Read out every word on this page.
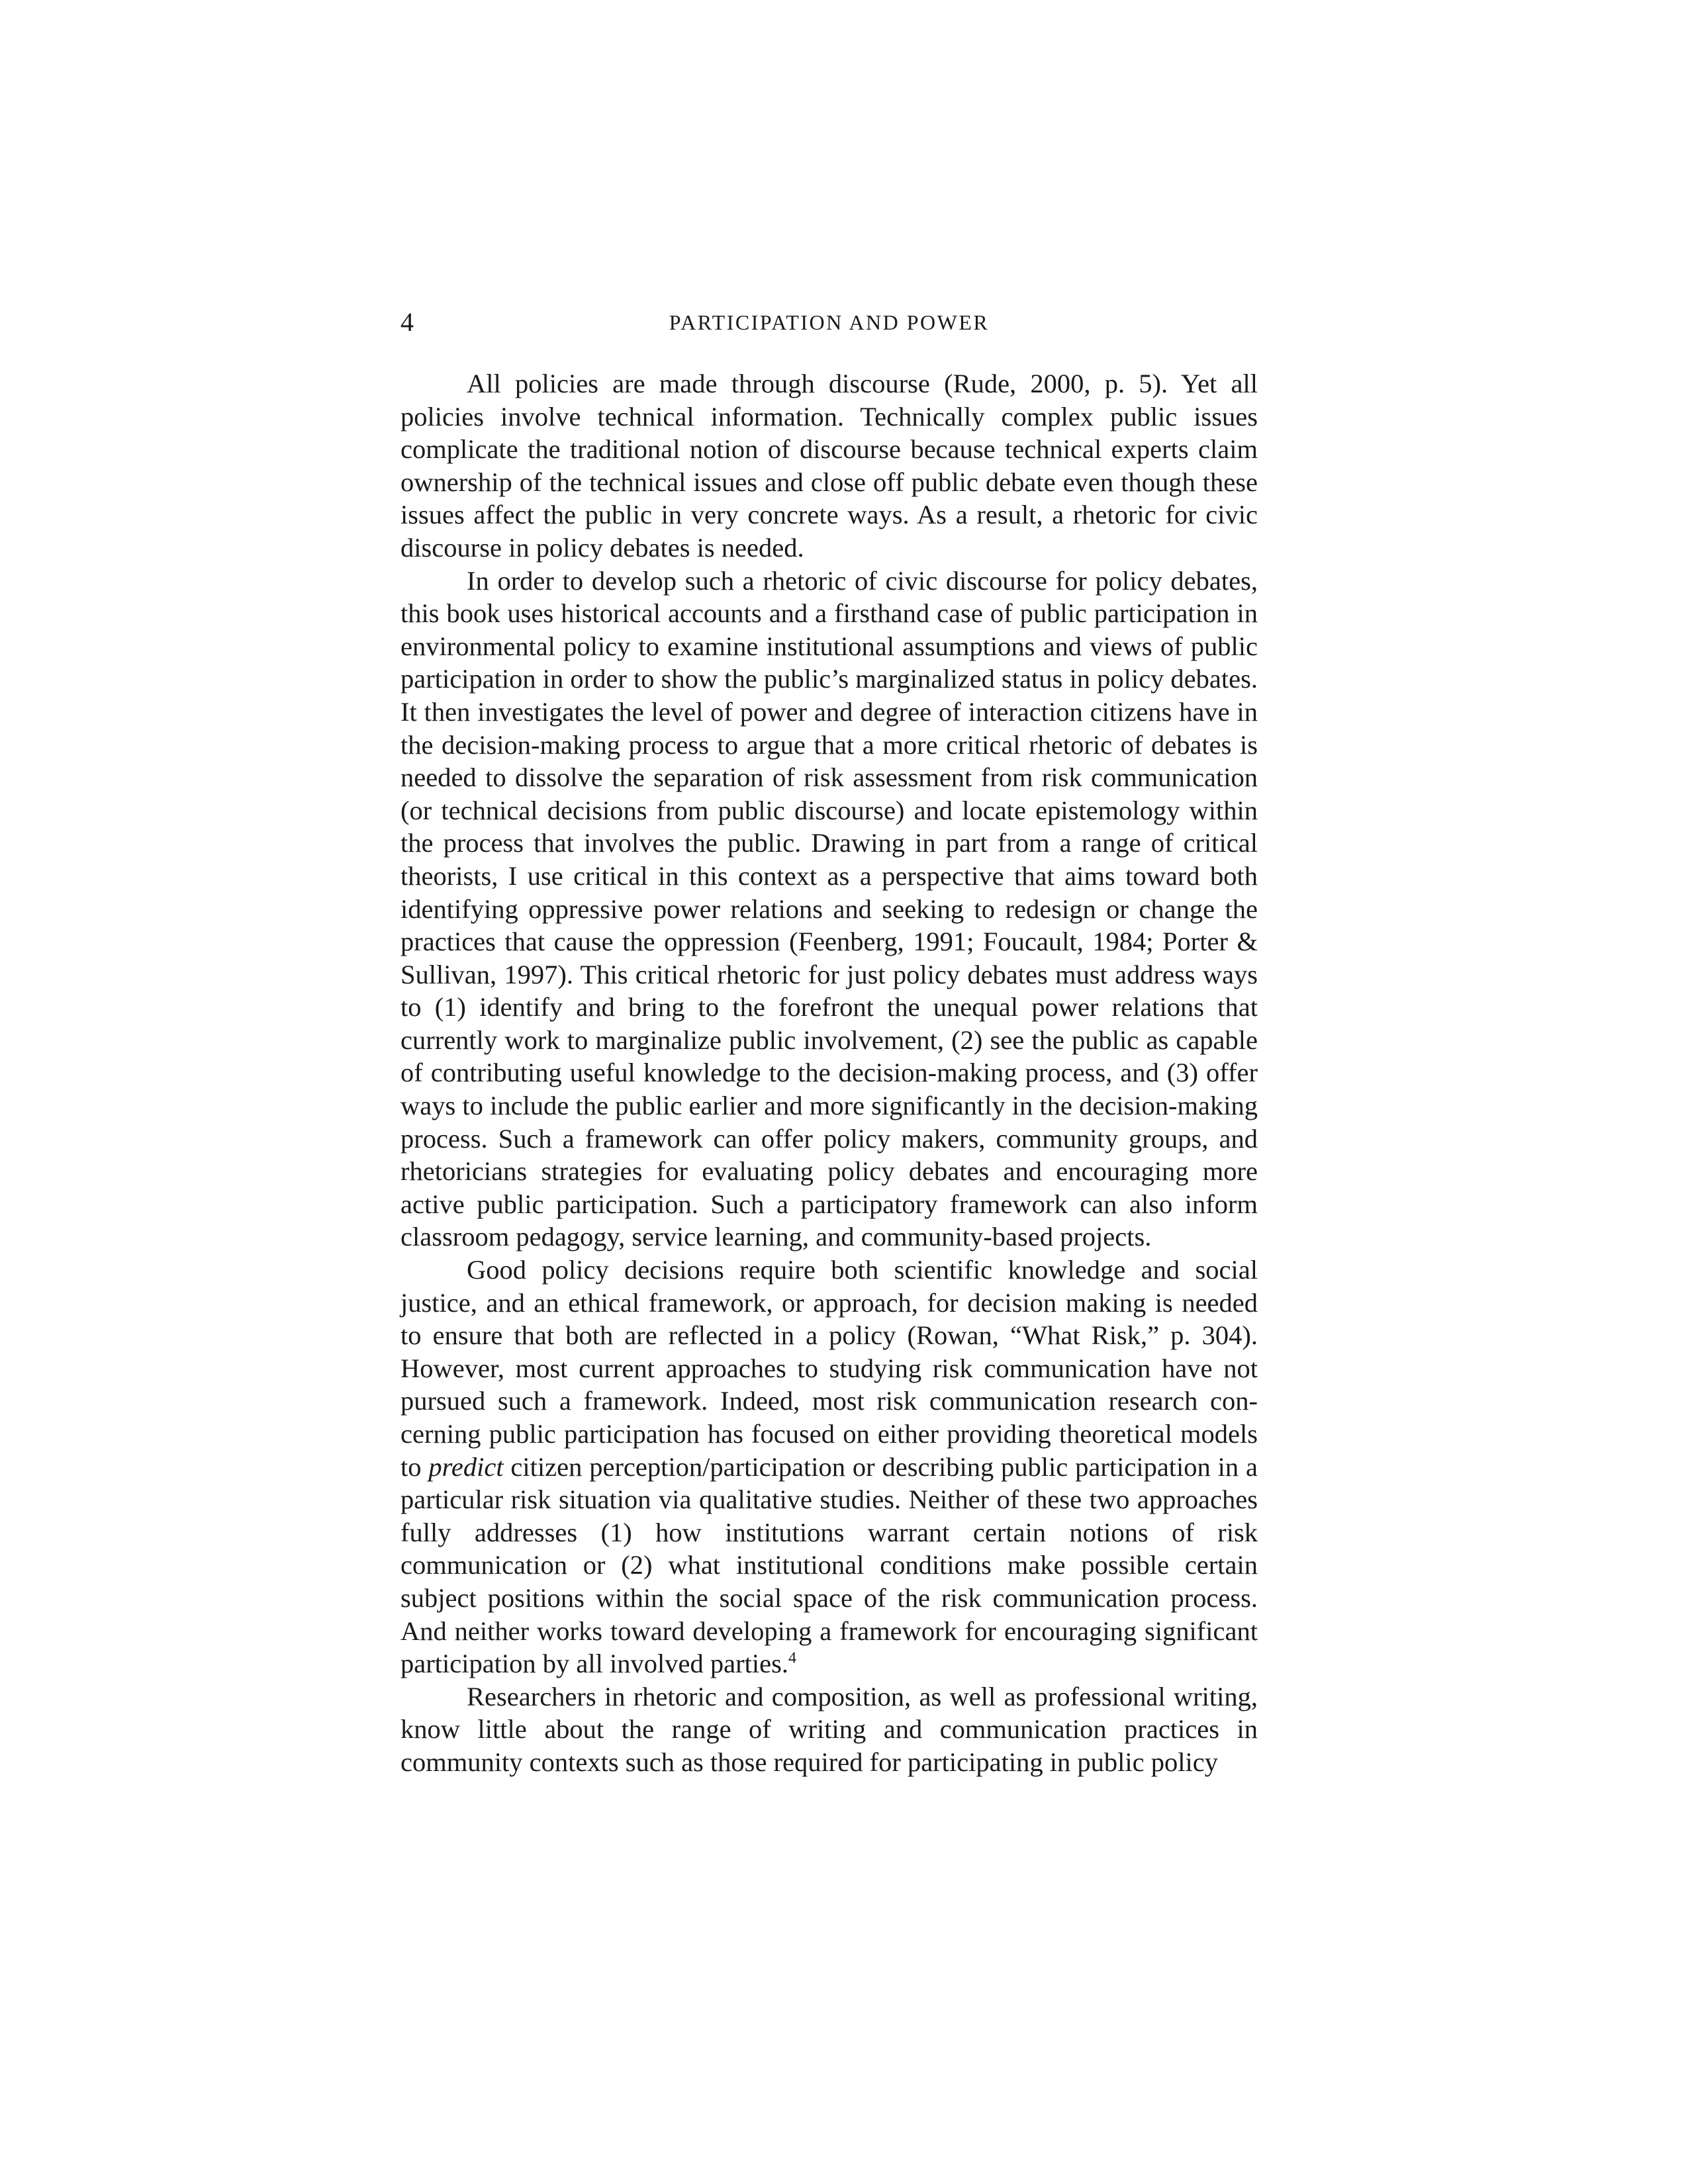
4	PARTICIPATION AND POWER

All policies are made through discourse (Rude, 2000, p. 5). Yet all policies involve technical information. Technically complex public issues complicate the traditional notion of discourse because technical experts claim ownership of the technical issues and close off public debate even though these issues affect the public in very concrete ways. As a result, a rhetoric for civic discourse in policy debates is needed.

In order to develop such a rhetoric of civic discourse for policy debates, this book uses historical accounts and a firsthand case of public participation in environmental policy to examine institutional assumptions and views of public participation in order to show the public’s marginalized status in policy debates. It then investigates the level of power and degree of interaction citizens have in the decision-making process to argue that a more critical rhetoric of debates is needed to dissolve the separation of risk assessment from risk communication (or technical decisions from public discourse) and locate epistemology within the process that involves the public. Drawing in part from a range of critical theorists, I use critical in this context as a perspective that aims toward both identifying oppressive power relations and seeking to redesign or change the practices that cause the oppression (Feenberg, 1991; Foucault, 1984; Porter & Sullivan, 1997). This critical rhetoric for just policy debates must address ways to (1) identify and bring to the forefront the unequal power relations that currently work to marginalize public involvement, (2) see the public as capable of contributing useful knowledge to the decision-making process, and (3) offer ways to include the public earlier and more significantly in the decision-making process. Such a framework can offer policy makers, community groups, and rhetoricians strategies for evaluating policy debates and encouraging more active public participation. Such a participatory framework can also inform classroom pedagogy, service learning, and community-based projects.

Good policy decisions require both scientific knowledge and social justice, and an ethical framework, or approach, for decision making is needed to ensure that both are reflected in a policy (Rowan, “What Risk,” p. 304). However, most current approaches to studying risk communication have not pursued such a framework. Indeed, most risk communication research concerning public participation has focused on either providing theoretical models to predict citizen perception/participation or describing public participation in a particular risk situation via qualitative studies. Neither of these two approaches fully addresses (1) how institutions warrant certain notions of risk communication or (2) what institutional conditions make possible certain subject positions within the social space of the risk communication process. And neither works toward developing a framework for encouraging significant participation by all involved parties.$^4$

Researchers in rhetoric and composition, as well as professional writing, know little about the range of writing and communication practices in community contexts such as those required for participating in public policy
